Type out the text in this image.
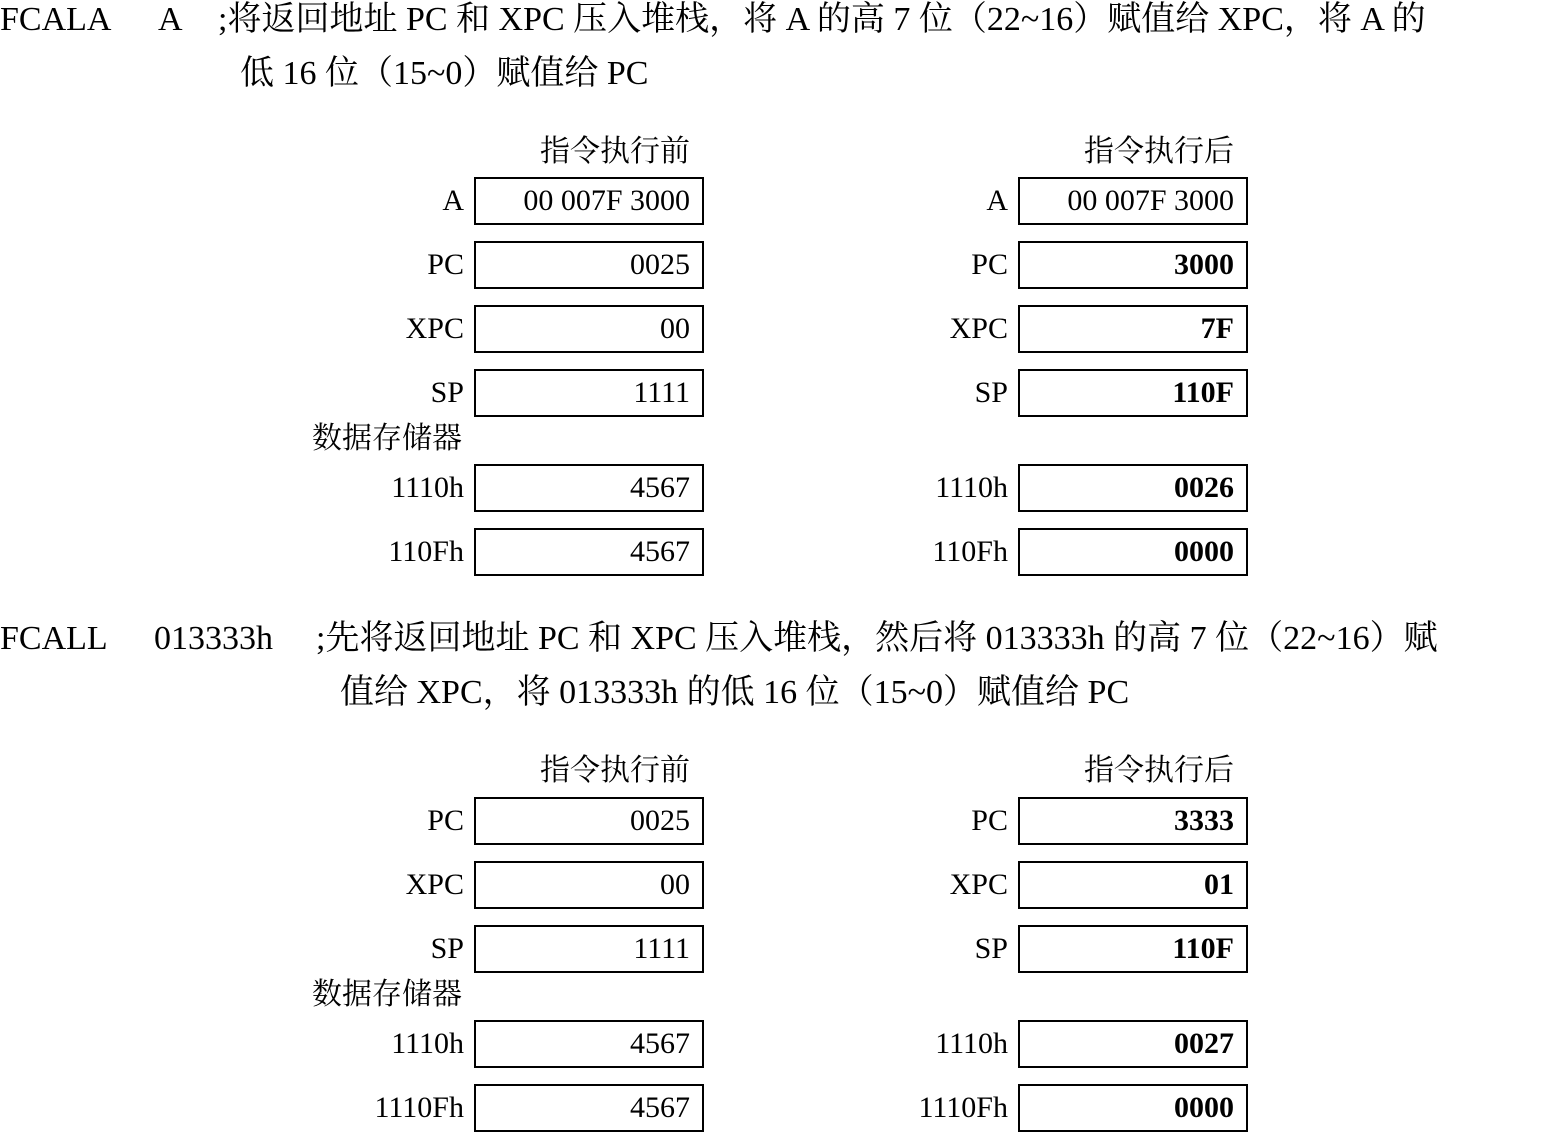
FCALA A ;将返回地址 PC 和 XPC 压入堆栈，将 A 的高 7 位（22~16）赋值给 XPC，将 A 的
低 16 位（15~0）赋值给 PC
指令执行前	指令执行后
A	00 007F 3000	A	00 007F 3000
PC	0025	PC	3000
XPC	00	XPC	7F
SP	1111	SP	110F
数据存储器
1110h	4567	1110h	0026
110Fh	4567	110Fh	0000
FCALL 013333h ;先将返回地址 PC 和 XPC 压入堆栈，然后将 013333h 的高 7 位（22~16）赋
值给 XPC，将 013333h 的低 16 位（15~0）赋值给 PC
指令执行前	指令执行后
PC	0025	PC	3333
XPC	00	XPC	01
SP	1111	SP	110F
数据存储器
1110h	4567	1110h	0027
1110Fh	4567	1110Fh	0000
